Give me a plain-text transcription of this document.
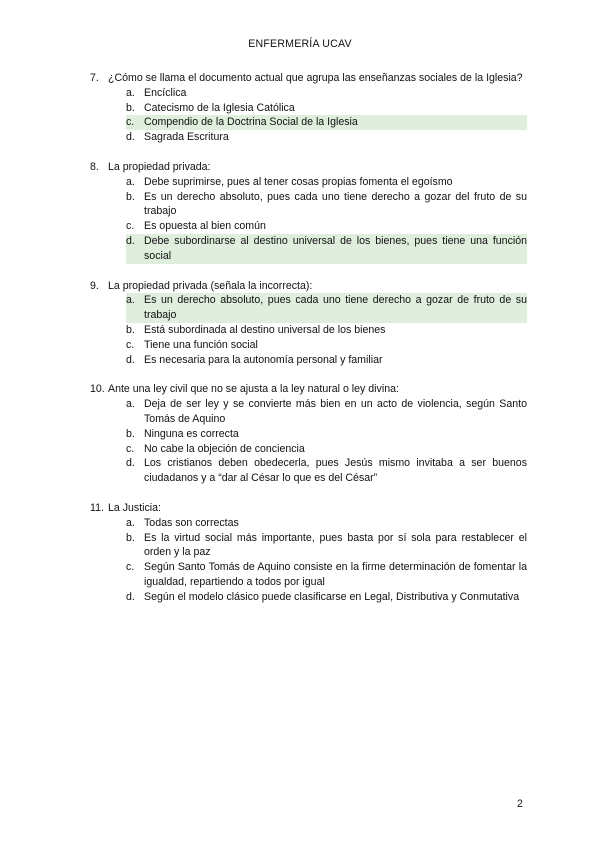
ENFERMERÍA UCAV
7. ¿Cómo se llama el documento actual que agrupa las enseñanzas sociales de la Iglesia?
a. Encíclica
b. Catecismo de la Iglesia Católica
c. Compendio de la Doctrina Social de la Iglesia
d. Sagrada Escritura
8. La propiedad privada:
a. Debe suprimirse, pues al tener cosas propias fomenta el egoísmo
b. Es un derecho absoluto, pues cada uno tiene derecho a gozar del fruto de su trabajo
c. Es opuesta al bien común
d. Debe subordinarse al destino universal de los bienes, pues tiene una función social
9. La propiedad privada (señala la incorrecta):
a. Es un derecho absoluto, pues cada uno tiene derecho a gozar de fruto de su trabajo
b. Está subordinada al destino universal de los bienes
c. Tiene una función social
d. Es necesaria para la autonomía personal y familiar
10. Ante una ley civil que no se ajusta a la ley natural o ley divina:
a. Deja de ser ley y se convierte más bien en un acto de violencia, según Santo Tomás de Aquino
b. Ninguna es correcta
c. No cabe la objeción de conciencia
d. Los cristianos deben obedecerla, pues Jesús mismo invitaba a ser buenos ciudadanos y a “dar al César lo que es del César”
11. La Justicia:
a. Todas son correctas
b. Es la virtud social más importante, pues basta por sí sola para restablecer el orden y la paz
c. Según Santo Tomás de Aquino consiste en la firme determinación de fomentar la igualdad, repartiendo a todos por igual
d. Según el modelo clásico puede clasificarse en Legal, Distributiva y Conmutativa
2
